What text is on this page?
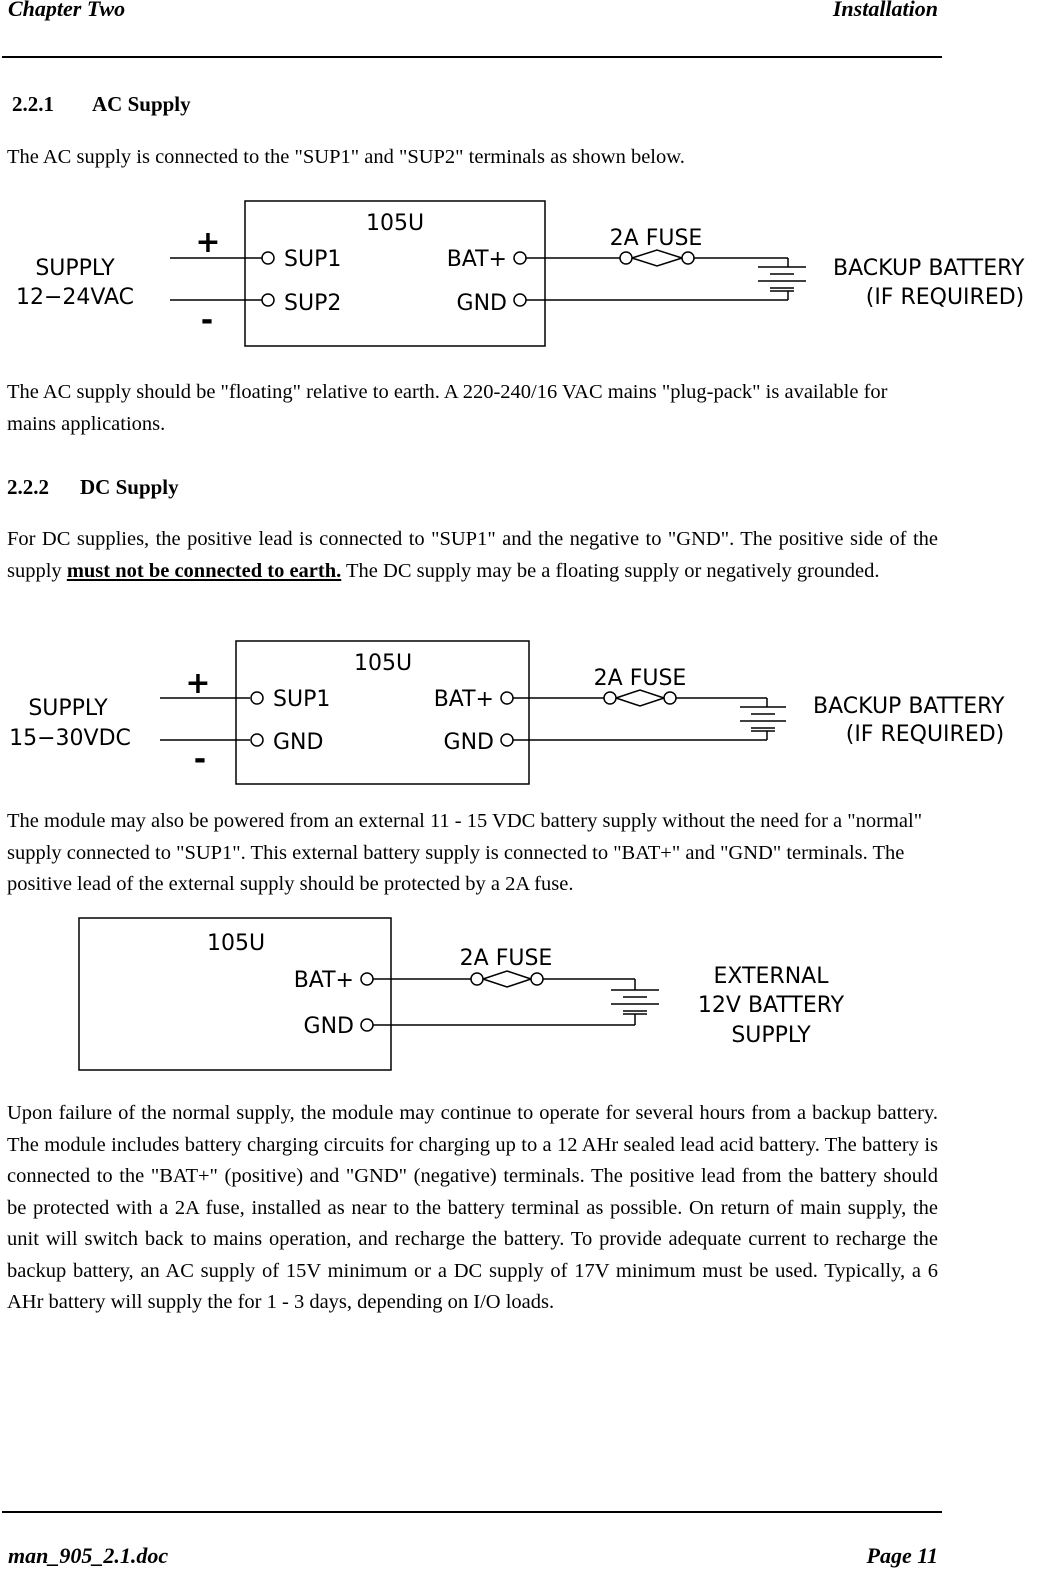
Chapter Two	Installation
2.2.1 AC Supply
The AC supply is connected to the "SUP1" and "SUP2" terminals as shown below.
SUPPLY
12−24VAC
+
-
105U
SUP1
SUP2
BAT+
GND
2A FUSE
BACKUP BATTERY
(IF REQUIRED)
The AC supply should be "floating" relative to earth. A 220-240/16 VAC mains "plug-pack" is available for mains applications.
2.2.2 DC Supply
For DC supplies, the positive lead is connected to "SUP1" and the negative to "GND". The positive side of the supply must not be connected to earth. The DC supply may be a floating supply or negatively grounded.
SUPPLY
15−30VDC
+
-
105U
SUP1
GND
BAT+
GND
2A FUSE
BACKUP BATTERY
(IF REQUIRED)
The module may also be powered from an external 11 - 15 VDC battery supply without the need for a "normal" supply connected to "SUP1". This external battery supply is connected to "BAT+" and "GND" terminals. The positive lead of the external supply should be protected by a 2A fuse.
105U
BAT+
GND
2A FUSE
EXTERNAL
12V BATTERY
SUPPLY
Upon failure of the normal supply, the module may continue to operate for several hours from a backup battery. The module includes battery charging circuits for charging up to a 12 AHr sealed lead acid battery. The battery is connected to the "BAT+" (positive) and "GND" (negative) terminals. The positive lead from the battery should be protected with a 2A fuse, installed as near to the battery terminal as possible. On return of main supply, the unit will switch back to mains operation, and recharge the battery. To provide adequate current to recharge the backup battery, an AC supply of 15V minimum or a DC supply of 17V minimum must be used. Typically, a 6 AHr battery will supply the for 1 - 3 days, depending on I/O loads.
man_905_2.1.doc	Page 11
